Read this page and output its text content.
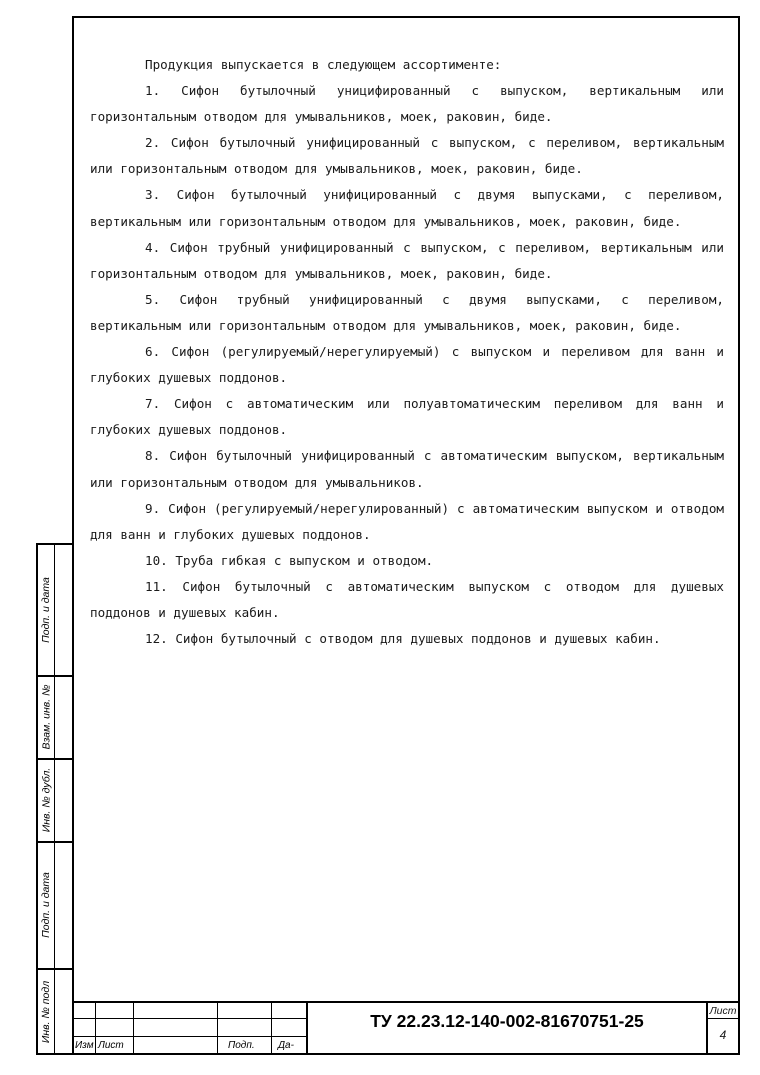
Продукция выпускается в следующем ассортименте:

1. Сифон бутылочный уницифированный с выпуском, вертикальным или горизонтальным отводом для умывальников, моек, раковин, биде.

2. Сифон бутылочный унифицированный с выпуском, с переливом, вертикальным или горизонтальным отводом для умывальников, моек, раковин, биде.

3. Сифон бутылочный унифицированный с двумя выпусками, с переливом, вертикальным или горизонтальным отводом для умывальников, моек, раковин, биде.

4. Сифон трубный унифицированный с выпуском, с переливом, вертикальным или горизонтальным отводом для умывальников, моек, раковин, биде.

5. Сифон трубный унифицированный с двумя выпусками, с переливом, вертикальным или горизонтальным отводом для умывальников, моек, раковин, биде.

6. Сифон (регулируемый/нерегулируемый) с выпуском и переливом для ванн и глубоких душевых поддонов.

7. Сифон с автоматическим или полуавтоматическим переливом для ванн и глубоких душевых поддонов.

8. Сифон бутылочный унифицированный с автоматическим выпуском, вертикальным или горизонтальным отводом для умывальников.

9. Сифон (регулируемый/нерегулированный) с автоматическим выпуском и отводом для ванн и глубоких душевых поддонов.

10. Труба гибкая с выпуском и отводом.

11. Сифон бутылочный с автоматическим выпуском с отводом для душевых поддонов и душевых кабин.

12. Сифон бутылочный с отводом для душевых поддонов и душевых кабин.

Подп. и дата
Взам. инв. №
Инв. № дубл.
Подп. и дата
Инв. № подл
Изм Лист	Подп. Да-
ТУ 22.23.12-140-002-81670751-25	Лист
4
